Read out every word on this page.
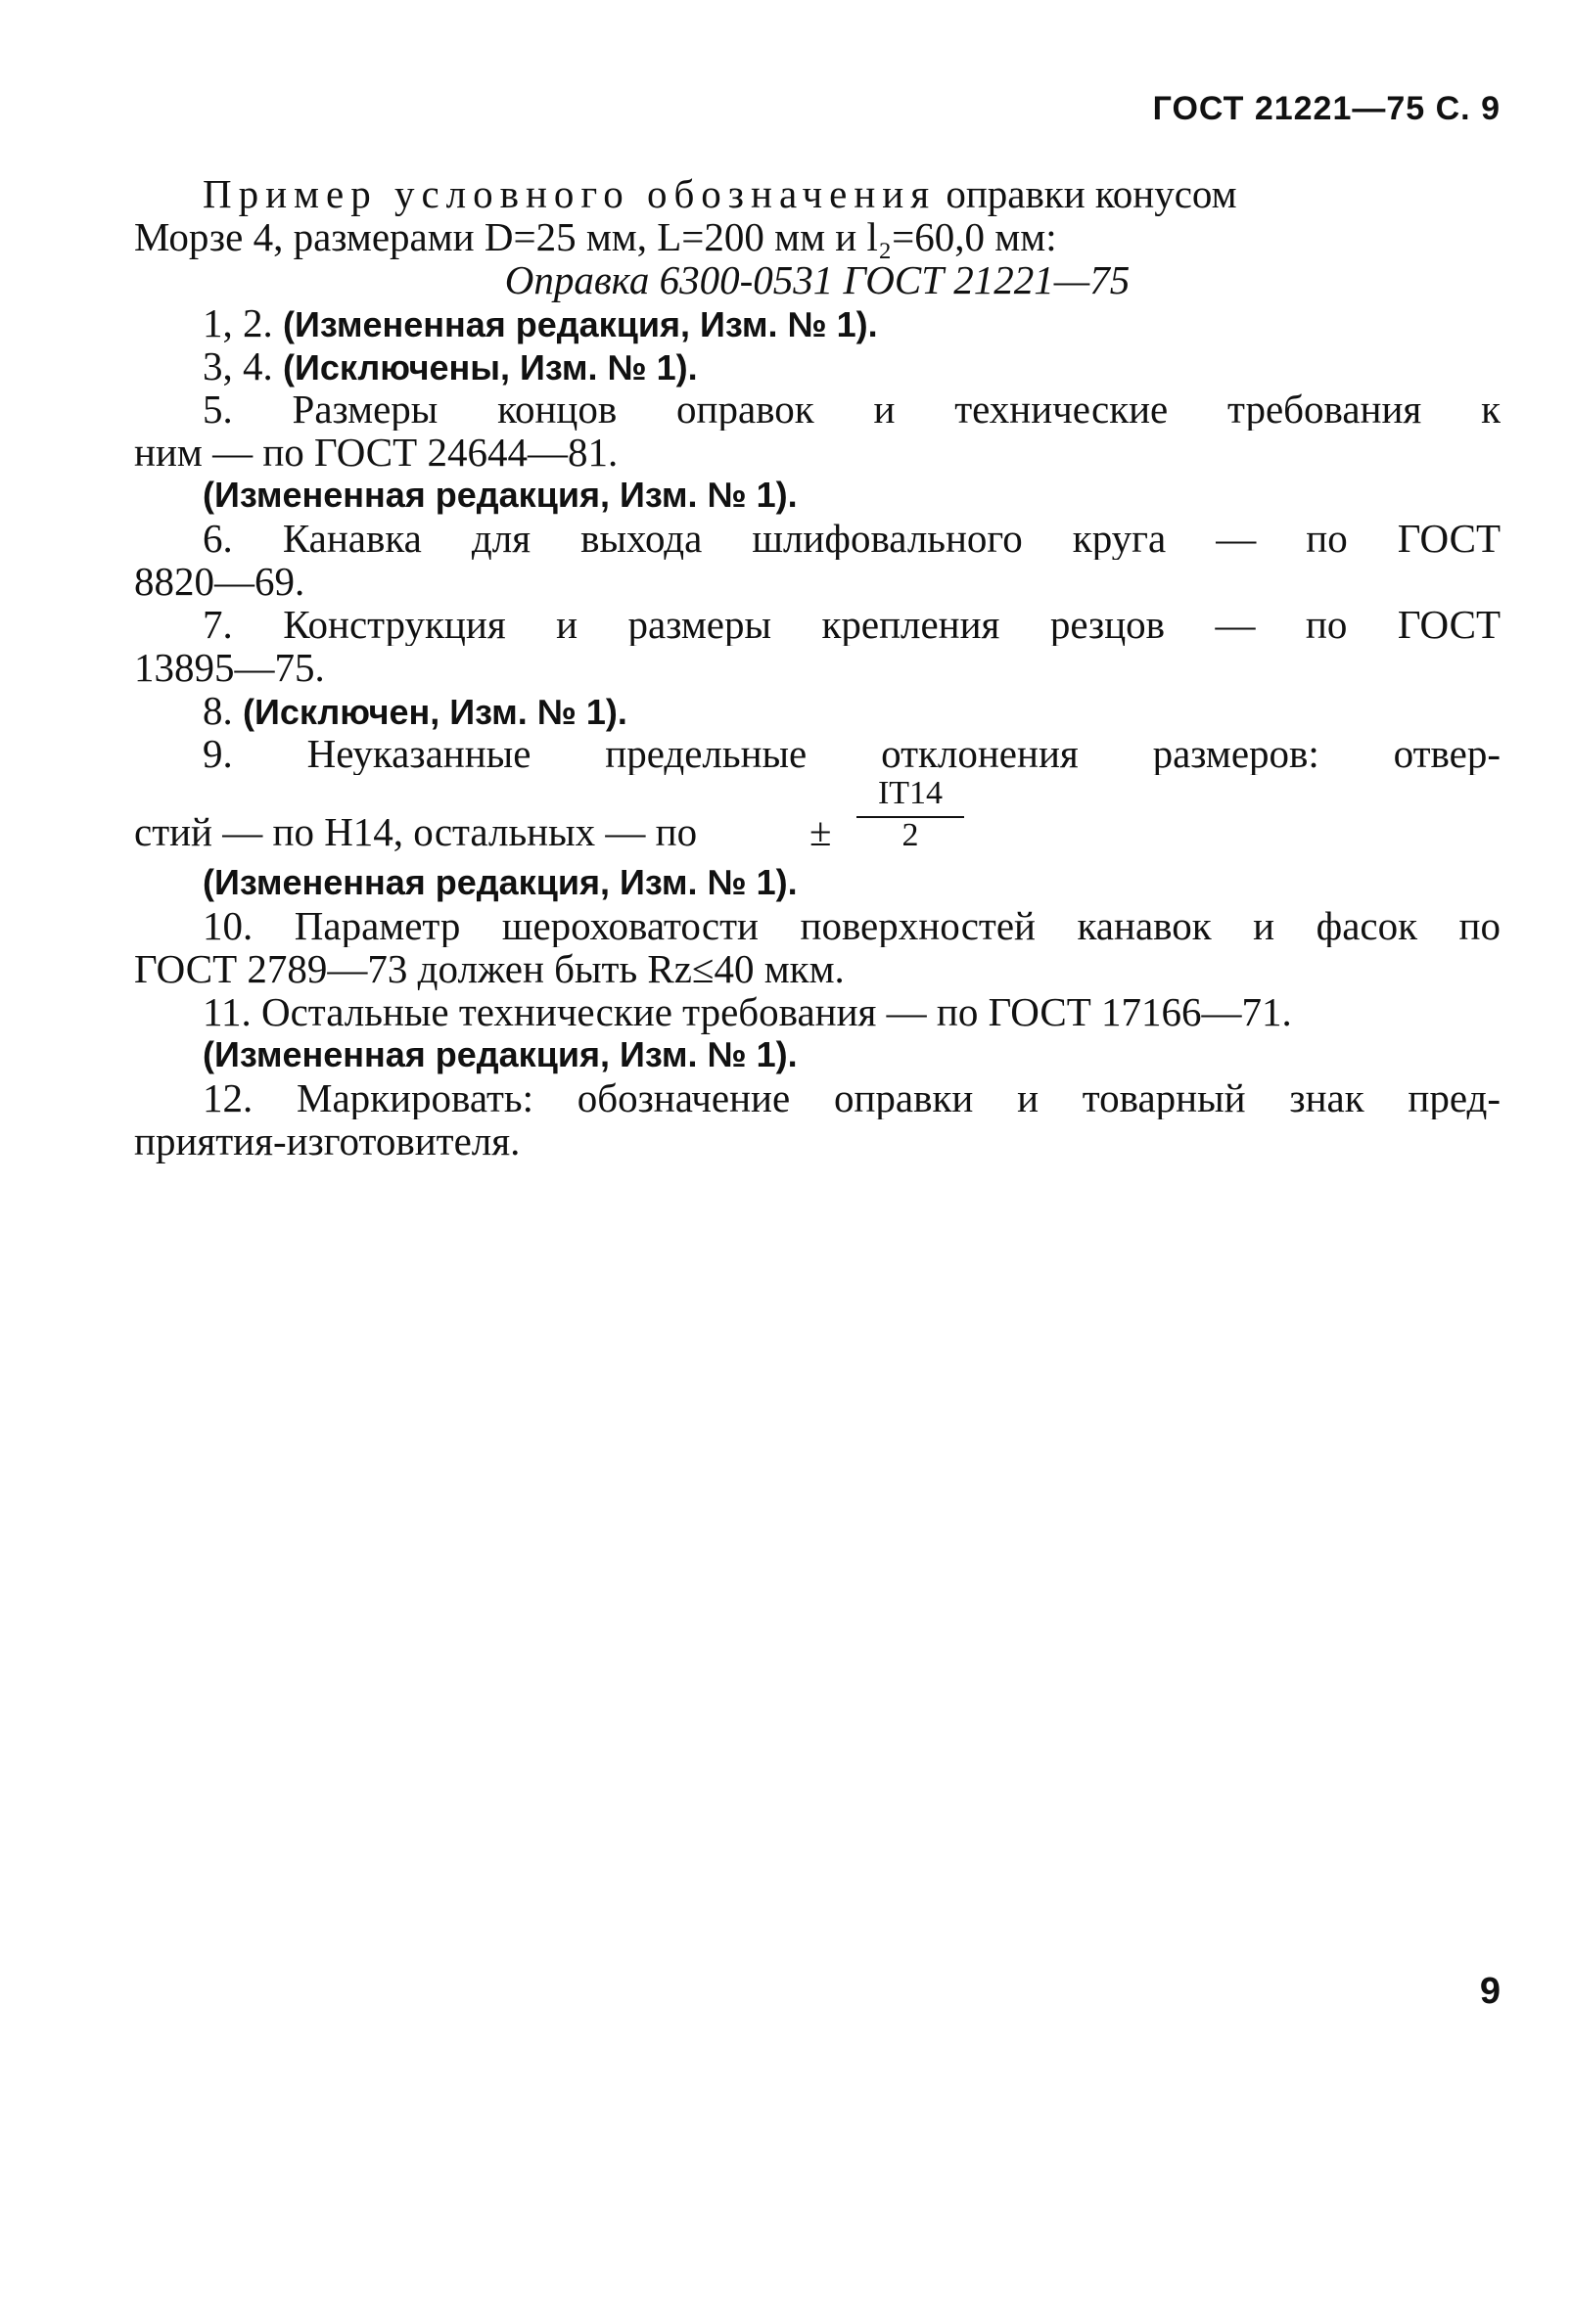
ГОСТ 21221—75 С. 9
Пример условного обозначения оправки конусом
Морзе 4, размерами D=25 мм, L=200 мм и l₂=60,0 мм:
Оправка 6300-0531 ГОСТ 21221—75
1, 2. (Измененная редакция, Изм. № 1).
3, 4. (Исключены, Изм. № 1).
5. Размеры концов оправок и технические требования к
ним — по ГОСТ 24644—81.
(Измененная редакция, Изм. № 1).
6. Канавка для выхода шлифовального круга — по ГОСТ
8820—69.
7. Конструкция и размеры крепления резцов — по ГОСТ
13895—75.
8. (Исключен, Изм. № 1).
9. Неуказанные предельные отклонения размеров: отвер-
стий — по Н14, остальных — по	± $\frac{IT14}{2}$
(Измененная редакция, Изм. № 1).
10. Параметр шероховатости поверхностей канавок и фасок по
ГОСТ 2789—73 должен быть Rz≤40 мкм.
11. Остальные технические требования — по ГОСТ 17166—71.
(Измененная редакция, Изм. № 1).
12. Маркировать: обозначение оправки и товарный знак пред-
приятия-изготовителя.
9
